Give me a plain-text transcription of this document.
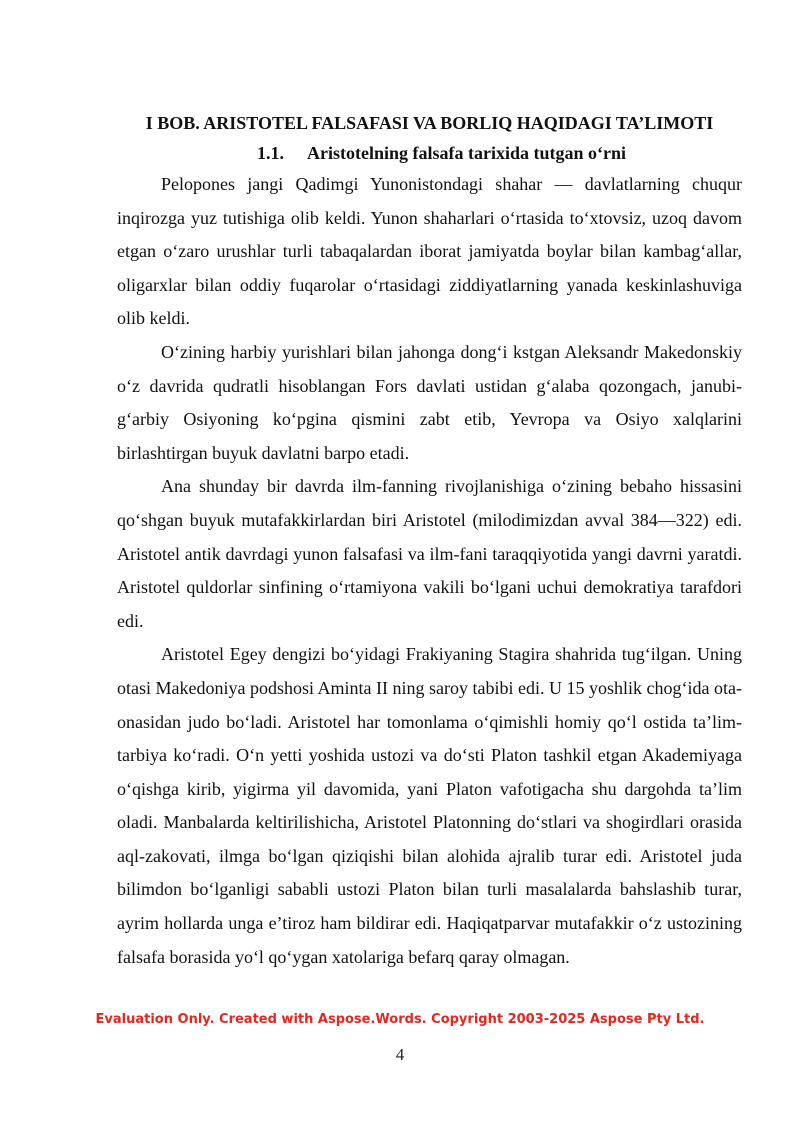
I BOB. ARISTOTEL FALSAFASI VA BORLIQ HAQIDAGI TA’LIMOTI
1.1. Aristotelning falsafa tarixida tutgan o‘rni

Pelopones jangi Qadimgi Yunonistondagi shahar — davlatlarning chuqur inqirozga yuz tutishiga olib keldi. Yunon shaharlari o‘rtasida to‘xtovsiz, uzoq davom etgan o‘zaro urushlar turli tabaqalardan iborat jamiyatda boylar bilan kambag‘allar, oligarxlar bilan oddiy fuqarolar o‘rtasidagi ziddiyatlarning yanada keskinlashuviga olib keldi.

O‘zining harbiy yurishlari bilan jahonga dong‘i kstgan Aleksandr Makedonskiy o‘z davrida qudratli hisoblangan Fors davlati ustidan g‘alaba qozongach, janubi-g‘arbiy Osiyoning ko‘pgina qismini zabt etib, Yevropa va Osiyo xalqlarini birlashtirgan buyuk davlatni barpo etadi.

Ana shunday bir davrda ilm-fanning rivojlanishiga o‘zining bebaho hissasini qo‘shgan buyuk mutafakkirlardan biri Aristotel (milodimizdan avval 384—322) edi. Aristotel antik davrdagi yunon falsafasi va ilm-fani taraqqiyotida yangi davrni yaratdi. Aristotel quldorlar sinfining o‘rtamiyona vakili bo‘lgani uchui demokratiya tarafdori edi.

Aristotel Egey dengizi bo‘yidagi Frakiyaning Stagira shahrida tug‘ilgan. Uning otasi Makedoniya podshosi Aminta II ning saroy tabibi edi. U 15 yoshlik chog‘ida ota-onasidan judo bo‘ladi. Aristotel har tomonlama o‘qimishli homiy qo‘l ostida ta’lim-tarbiya ko‘radi. O‘n yetti yoshida ustozi va do‘sti Platon tashkil etgan Akademiyaga o‘qishga kirib, yigirma yil davomida, yani Platon vafotigacha shu dargohda ta’lim oladi. Manbalarda keltirilishicha, Aristotel Platonning do‘stlari va shogirdlari orasida aql-zakovati, ilmga bo‘lgan qiziqishi bilan alohida ajralib turar edi. Aristotel juda bilimdon bo‘lganligi sababli ustozi Platon bilan turli masalalarda bahslashib turar, ayrim hollarda unga e’tiroz ham bildirar edi. Haqiqatparvar mutafakkir o‘z ustozining falsafa borasida yo‘l qo‘ygan xatolariga befarq qaray olmagan.

Evaluation Only. Created with Aspose.Words. Copyright 2003-2025 Aspose Pty Ltd.
4
